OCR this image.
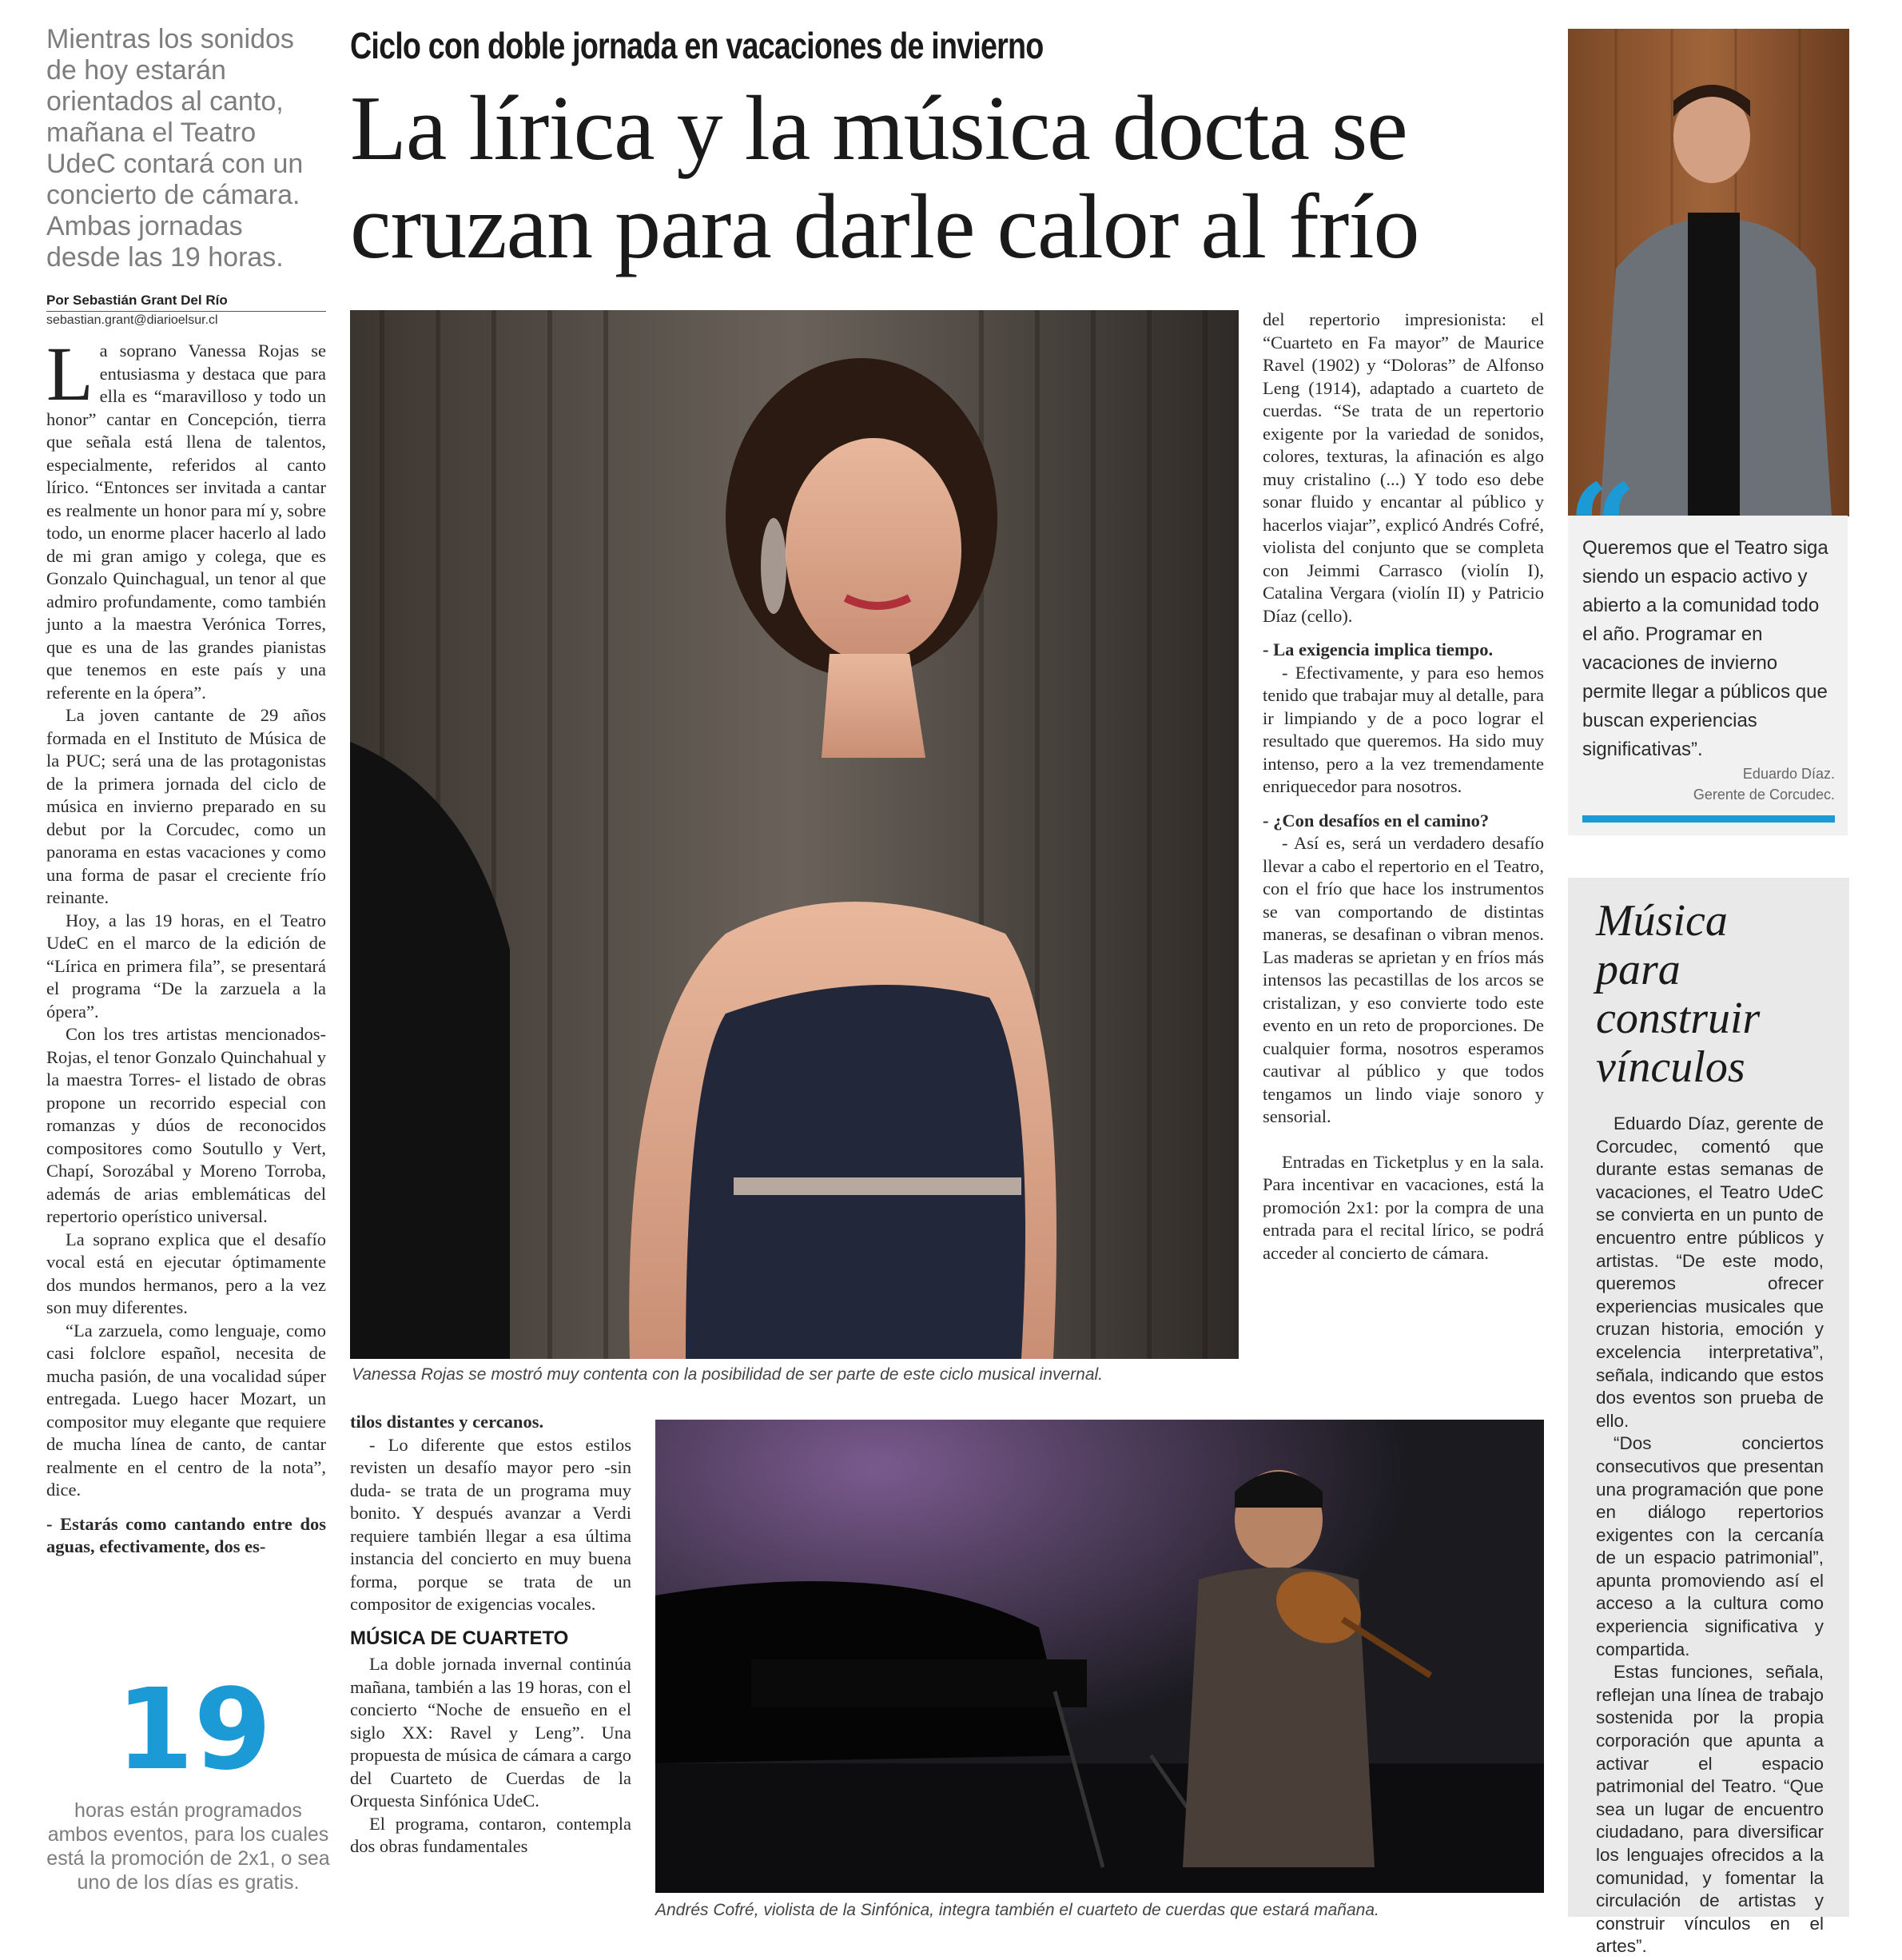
Mientras los sonidos de hoy estarán orientados al canto, mañana el Teatro UdeC contará con un concierto de cámara. Ambas jornadas desde las 19 horas.
Por Sebastián Grant Del Río
sebastian.grant@diarioelsur.cl

La soprano Vanessa Rojas se entusiasma y destaca que para ella es “maravilloso y todo un honor” cantar en Concepción, tierra que señala está llena de talentos, especialmente, referidos al canto lírico. “Entonces ser invitada a cantar es realmente un honor para mí y, sobre todo, un enorme placer hacerlo al lado de mi gran amigo y colega, que es Gonzalo Quinchagual, un tenor al que admiro profundamente, como también junto a la maestra Verónica Torres, que es una de las grandes pianistas que tenemos en este país y una referente en la ópera”.

La joven cantante de 29 años formada en el Instituto de Música de la PUC; será una de las protagonistas de la primera jornada del ciclo de música en invierno preparado en su debut por la Corcudec, como un panorama en estas vacaciones y como una forma de pasar el creciente frío reinante.

Hoy, a las 19 horas, en el Teatro UdeC en el marco de la edición de “Lírica en primera fila”, se presentará el programa “De la zarzuela a la ópera”.

Con los tres artistas mencionados-Rojas, el tenor Gonzalo Quinchahual y la maestra Torres- el listado de obras propone un recorrido especial con romanzas y dúos de reconocidos compositores como Soutullo y Vert, Chapí, Sorozábal y Moreno Torroba, además de arias emblemáticas del repertorio operístico universal.

La soprano explica que el desafío vocal está en ejecutar óptimamente dos mundos hermanos, pero a la vez son muy diferentes.

“La zarzuela, como lenguaje, como casi folclore español, necesita de mucha pasión, de una vocalidad súper entregada. Luego hacer Mozart, un compositor muy elegante que requiere de mucha línea de canto, de cantar realmente en el centro de la nota”, dice.

- Estarás como cantando entre dos aguas, efectivamente, dos es-

19
horas están programados ambos eventos, para los cuales está la promoción de 2x1, o sea uno de los días es gratis.
Ciclo con doble jornada en vacaciones de invierno
La lírica y la música docta se cruzan para darle calor al frío
Vanessa Rojas se mostró muy contenta con la posibilidad de ser parte de este ciclo musical invernal.

tilos distantes y cercanos.

- Lo diferente que estos estilos revisten un desafío mayor pero -sin duda- se trata de un programa muy bonito. Y después avanzar a Verdi requiere también llegar a esa última instancia del concierto en muy buena forma, porque se trata de un compositor de exigencias vocales.

MÚSICA DE CUARTETO

La doble jornada invernal continúa mañana, también a las 19 horas, con el concierto “Noche de ensueño en el siglo XX: Ravel y Leng”. Una propuesta de música de cámara a cargo del Cuarteto de Cuerdas de la Orquesta Sinfónica UdeC.

El programa, contaron, contempla dos obras fundamentales

Andrés Cofré, violista de la Sinfónica, integra también el cuarteto de cuerdas que estará mañana.

del repertorio impresionista: el “Cuarteto en Fa mayor” de Maurice Ravel (1902) y “Doloras” de Alfonso Leng (1914), adaptado a cuarteto de cuerdas. “Se trata de un repertorio exigente por la variedad de sonidos, colores, texturas, la afinación es algo muy cristalino (...) Y todo eso debe sonar fluido y encantar al público y hacerlos viajar”, explicó Andrés Cofré, violista del conjunto que se completa con Jeimmi Carrasco (violín I), Catalina Vergara (violín II) y Patricio Díaz (cello).

- La exigencia implica tiempo.

- Efectivamente, y para eso hemos tenido que trabajar muy al detalle, para ir limpiando y de a poco lograr el resultado que queremos. Ha sido muy intenso, pero a la vez tremendamente enriquecedor para nosotros.

- ¿Con desafíos en el camino?

- Así es, será un verdadero desafío llevar a cabo el repertorio en el Teatro, con el frío que hace los instrumentos se van comportando de distintas maneras, se desafinan o vibran menos. Las maderas se aprietan y en fríos más intensos las pecastillas de los arcos se cristalizan, y eso convierte todo este evento en un reto de proporciones. De cualquier forma, nosotros esperamos cautivar al público y que todos tengamos un lindo viaje sonoro y sensorial.

Entradas en Ticketplus y en la sala. Para incentivar en vacaciones, está la promoción 2x1: por la compra de una entrada para el recital lírico, se podrá acceder al concierto de cámara.

“
Queremos que el Teatro siga siendo un espacio activo y abierto a la comunidad todo el año. Programar en vacaciones de invierno permite llegar a públicos que buscan experiencias significativas”.
Eduardo Díaz.
Gerente de Corcudec.
Música para construir vínculos

Eduardo Díaz, gerente de Corcudec, comentó que durante estas semanas de vacaciones, el Teatro UdeC se convierta en un punto de encuentro entre públicos y artistas. “De este modo, queremos ofrecer experiencias musicales que cruzan historia, emoción y excelencia interpretativa”, señala, indicando que estos dos eventos son prueba de ello.

“Dos conciertos consecutivos que presentan una programación que pone en diálogo repertorios exigentes con la cercanía de un espacio patrimonial”, apunta promoviendo así el acceso a la cultura como experiencia significativa y compartida.

Estas funciones, señala, reflejan una línea de trabajo sostenida por la propia corporación que apunta a activar el espacio patrimonial del Teatro. “Que sea un lugar de encuentro ciudadano, para diversificar los lenguajes ofrecidos a la comunidad, y fomentar la circulación de artistas y construir vínculos en el artes”.
